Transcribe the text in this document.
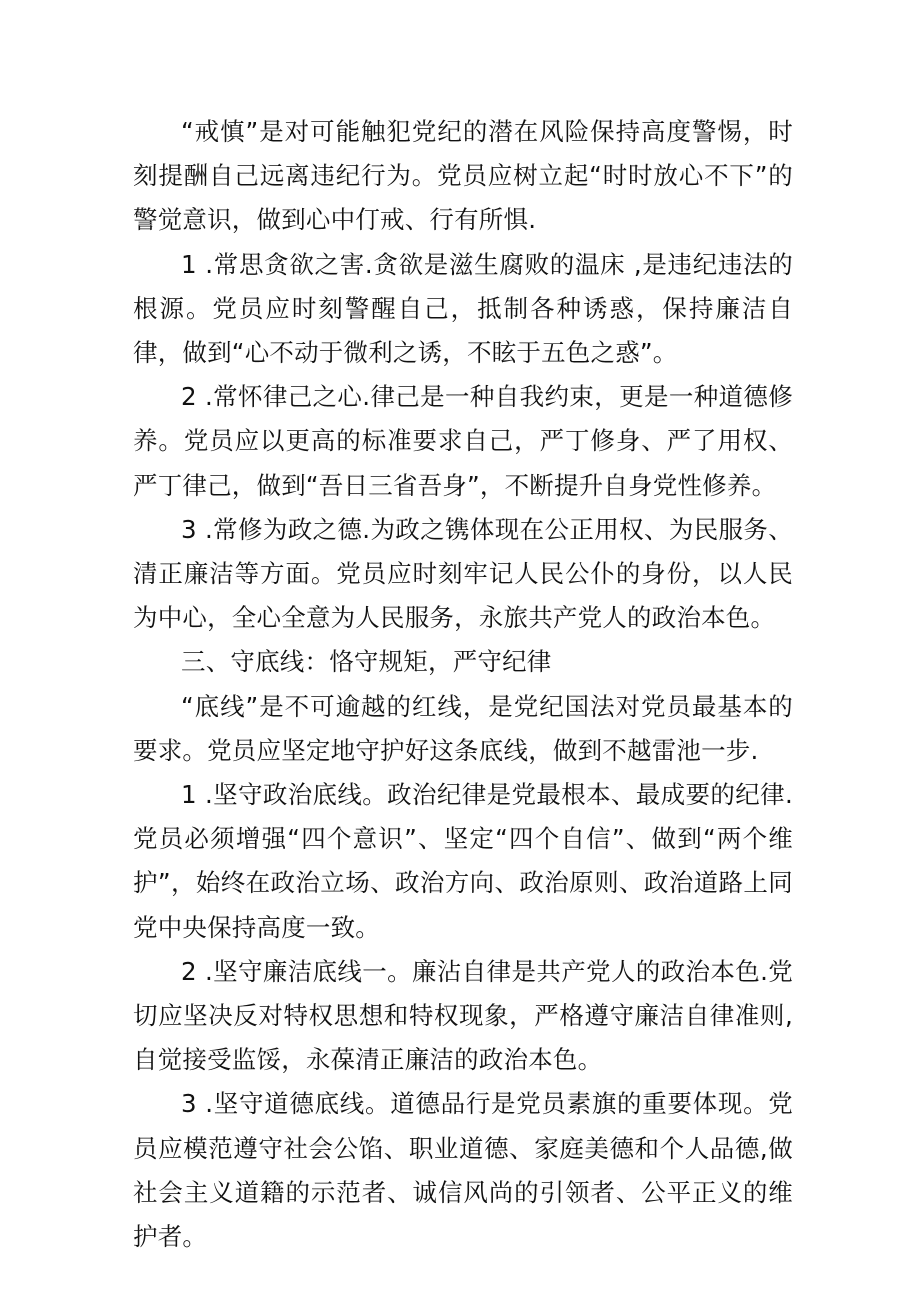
“戒慎”是对可能触犯党纪的潜在风险保持高度警惕，时刻提酬自己远离违纪行为。党员应树立起“时时放心不下”的警觉意识，做到心中仃戒、行有所惧.

1 .常思贪欲之害.贪欲是滋生腐败的温床 ,是违纪违法的根源。党员应时刻警醒自己，抵制各种诱惑，保持廉洁自律，做到“心不动于微利之诱，不眩于五色之惑”。

2 .常怀律己之心.律己是一种自我约束，更是一种道德修养。党员应以更高的标准要求自己，严丁修身、严了用权、严丁律己，做到“吾日三省吾身”，不断提升自身党性修养。

3 .常修为政之德.为政之镌体现在公正用权、为民服务、清正廉洁等方面。党员应时刻牢记人民公仆的身份，以人民为中心，全心全意为人民服务，永旅共产党人的政治本色。

三、守底线：恪守规矩，严守纪律

“底线”是不可逾越的红线，是党纪国法对党员最基本的要求。党员应坚定地守护好这条底线，做到不越雷池一步.

1 .坚守政治底线。政治纪律是党最根本、最成要的纪律.党员必须增强“四个意识”、坚定“四个自信”、做到“两个维护”，始终在政治立场、政治方向、政治原则、政治道路上同党中央保持高度一致。

2 .坚守廉洁底线一。廉沾自律是共产党人的政治本色.党切应坚决反对特权思想和特权现象，严格遵守廉洁自律准则,自觉接受监馁，永葆清正廉洁的政治本色。

3 .坚守道德底线。道德品行是党员素旗的重要体现。党员应模范遵守社会公馅、职业道德、家庭美德和个人品德,做社会主义道籍的示范者、诚信风尚的引领者、公平正义的维护者。
